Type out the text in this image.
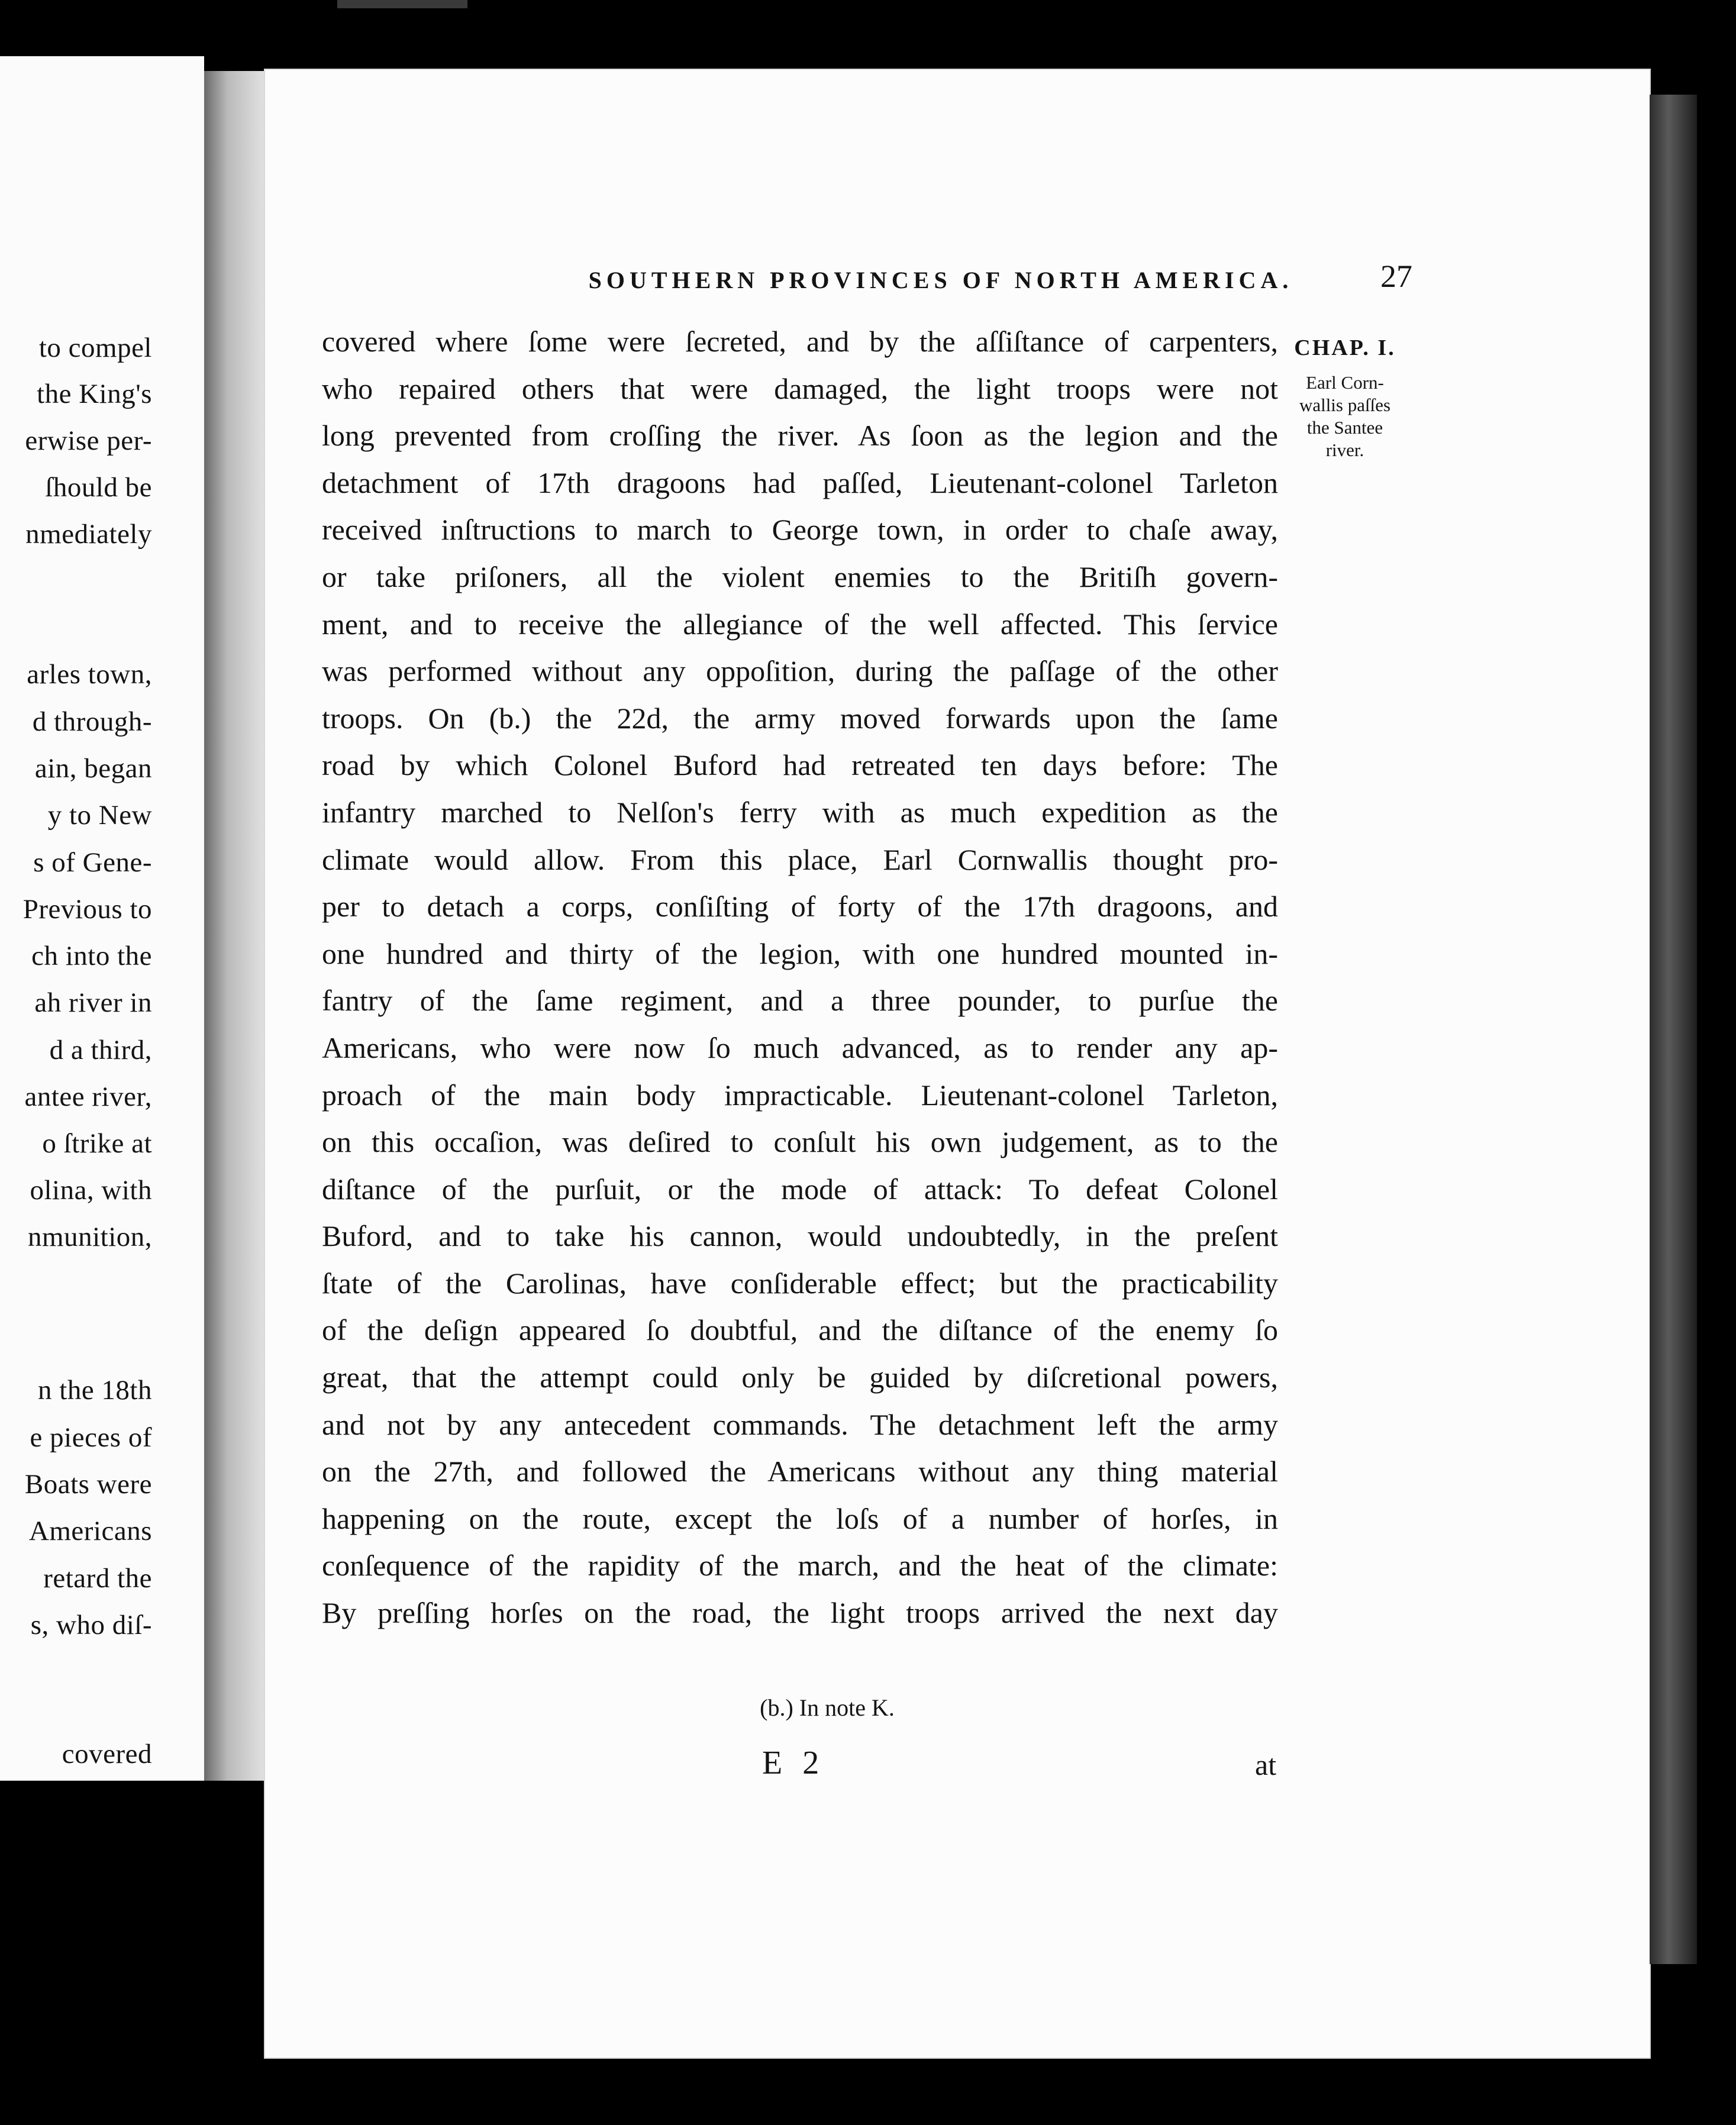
to compel
the King's
erwise per-
ſhould be
nmediately
arles town,
d through-
ain, began
y to New
s of Gene-
Previous to
ch into the
ah river in
d a third,
antee river,
o ſtrike at
olina, with
nmunition,
n the 18th
e pieces of
Boats were
Americans
retard the
s, who diſ-
covered
SOUTHERN PROVINCES OF NORTH AMERICA.	27
CHAP. I.
Earl Corn-
wallis paſſes
the Santee
river.
covered where ſome were ſecreted, and by the aſſiſtance of carpenters,
who repaired others that were damaged, the light troops were not
long prevented from croſſing the river. As ſoon as the legion and the
detachment of 17th dragoons had paſſed, Lieutenant-colonel Tarleton
received inſtructions to march to George town, in order to chaſe away,
or take priſoners, all the violent enemies to the Britiſh govern-
ment, and to receive the allegiance of the well affected. This ſervice
was performed without any oppoſition, during the paſſage of the other
troops. On (b.) the 22d, the army moved forwards upon the ſame
road by which Colonel Buford had retreated ten days before: The
infantry marched to Nelſon's ferry with as much expedition as the
climate would allow. From this place, Earl Cornwallis thought pro-
per to detach a corps, conſiſting of forty of the 17th dragoons, and
one hundred and thirty of the legion, with one hundred mounted in-
fantry of the ſame regiment, and a three pounder, to purſue the
Americans, who were now ſo much advanced, as to render any ap-
proach of the main body impracticable. Lieutenant-colonel Tarleton,
on this occaſion, was deſired to conſult his own judgement, as to the
diſtance of the purſuit, or the mode of attack: To defeat Colonel
Buford, and to take his cannon, would undoubtedly, in the preſent
ſtate of the Carolinas, have conſiderable effect; but the practicability
of the deſign appeared ſo doubtful, and the diſtance of the enemy ſo
great, that the attempt could only be guided by diſcretional powers,
and not by any antecedent commands. The detachment left the army
on the 27th, and followed the Americans without any thing material
happening on the route, except the loſs of a number of horſes, in
conſequence of the rapidity of the march, and the heat of the climate:
By preſſing horſes on the road, the light troops arrived the next day
(b.) In note K.
E 2	at
